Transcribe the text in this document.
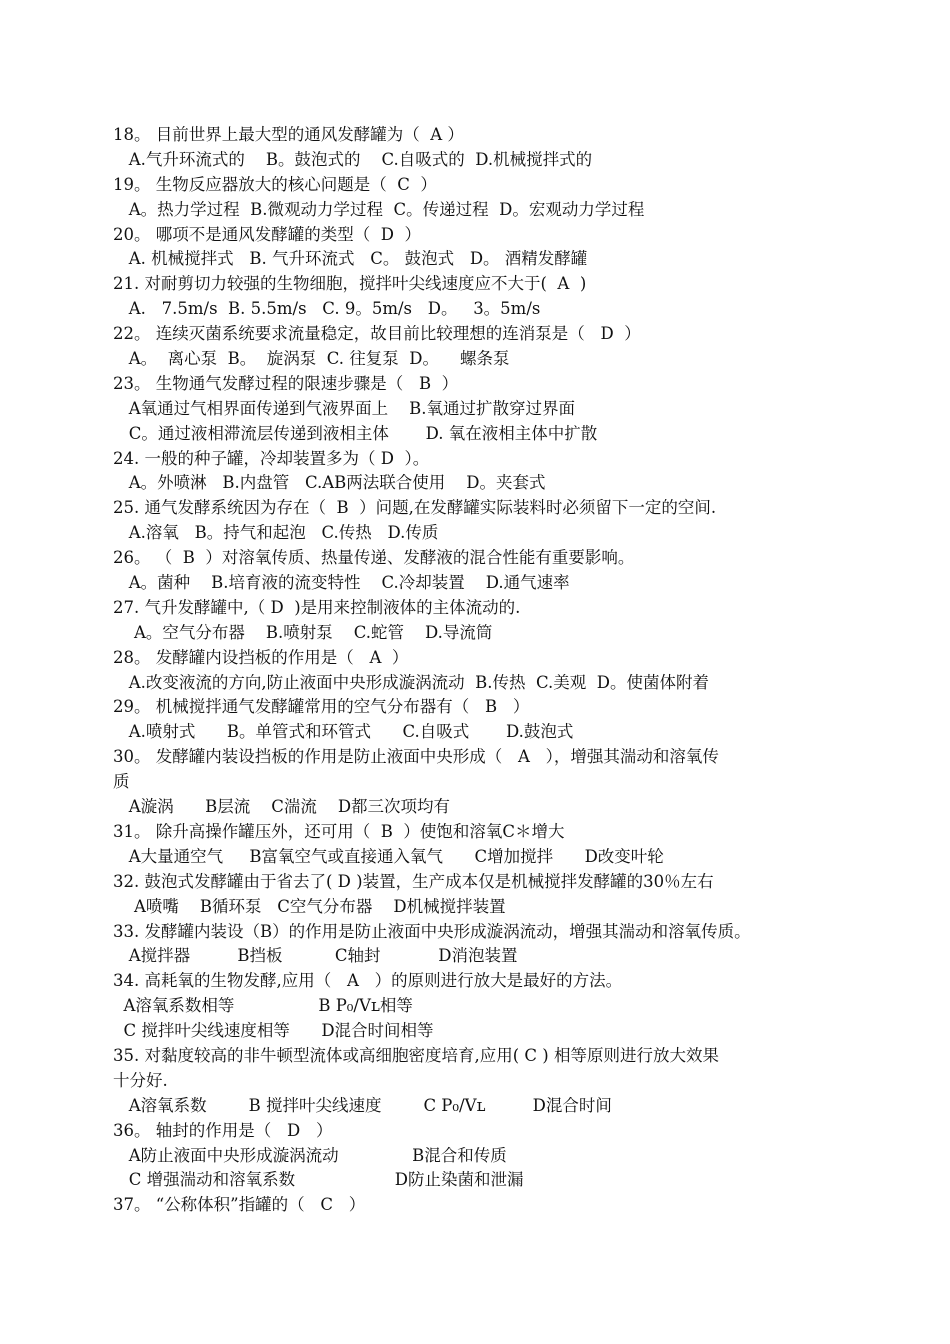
18。 目前世界上最大型的通风发酵罐为（  A ）
A.气升环流式的    B。鼓泡式的    C.自吸式的  D.机械搅拌式的
19。 生物反应器放大的核心问题是（  C  ）
A。热力学过程  B.微观动力学过程  C。传递过程  D。宏观动力学过程
20。 哪项不是通风发酵罐的类型（  D  ）
A. 机械搅拌式   B. 气升环流式   C。 鼓泡式   D。 酒精发酵罐
21. 对耐剪切力较强的生物细胞，搅拌叶尖线速度应不大于(  A  )
A.   7.5m/s  B. 5.5m/s   C. 9。5m/s   D。   3。5m/s
22。 连续灭菌系统要求流量稳定，故目前比较理想的连消泵是（   D  ）
A。  离心泵  B。  旋涡泵  C. 往复泵  D。    螺条泵
23。 生物通气发酵过程的限速步骤是（   B  ）
A氧通过气相界面传递到气液界面上    B.氧通过扩散穿过界面
C。通过液相滞流层传递到液相主体       D. 氧在液相主体中扩散
24. 一般的种子罐，冷却装置多为（ D  ）。
A。外喷淋   B.内盘管   C.AB两法联合使用    D。夹套式
25. 通气发酵系统因为存在（  B  ）问题,在发酵罐实际装料时必须留下一定的空间.
A.溶氧   B。持气和起泡   C.传热   D.传质
26。 （  B  ）对溶氧传质、热量传递、发酵液的混合性能有重要影响。
A。菌种    B.培育液的流变特性    C.冷却装置    D.通气速率
27. 气升发酵罐中,（ D  )是用来控制液体的主体流动的.
A。空气分布器    B.喷射泵    C.蛇管    D.导流筒
28。 发酵罐内设挡板的作用是（   A  ）
A.改变液流的方向,防止液面中央形成漩涡流动  B.传热  C.美观  D。使菌体附着
29。 机械搅拌通气发酵罐常用的空气分布器有（   B   ）
A.喷射式      B。单管式和环管式      C.自吸式       D.鼓泡式
30。 发酵罐内装设挡板的作用是防止液面中央形成（   A   ），增强其湍动和溶氧传
质
A漩涡      B层流    C湍流    D都三次项均有
31。 除升高操作罐压外，还可用（  B  ）使饱和溶氧C＊增大
A大量通空气     B富氧空气或直接通入氧气      C增加搅拌      D改变叶轮
32. 鼓泡式发酵罐由于省去了( D )装置，生产成本仅是机械搅拌发酵罐的30％左右
A喷嘴    B循环泵   C空气分布器    D机械搅拌装置
33. 发酵罐内装设（B）的作用是防止液面中央形成漩涡流动，增强其湍动和溶氧传质。
A搅拌器         B挡板          C轴封           D消泡装置
34. 高耗氧的生物发酵,应用（   A   ）的原则进行放大是最好的方法。
A溶氧系数相等                B P₀/Vʟ相等
C 搅拌叶尖线速度相等      D混合时间相等
35. 对黏度较高的非牛顿型流体或高细胞密度培育,应用( C ) 相等原则进行放大效果
十分好.
A溶氧系数        B 搅拌叶尖线速度        C P₀/Vʟ         D混合时间
36。 轴封的作用是（   D   ）
A防止液面中央形成漩涡流动              B混合和传质
C 增强湍动和溶氧系数                   D防止染菌和泄漏
37。 “公称体积”指罐的（   C   ）
